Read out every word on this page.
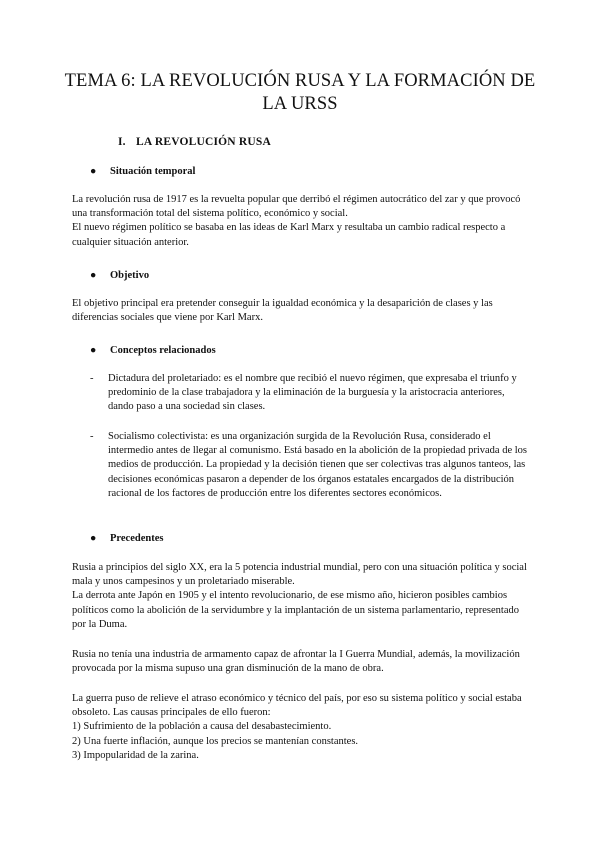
TEMA 6: LA REVOLUCIÓN RUSA Y LA FORMACIÓN DE LA URSS
I. LA REVOLUCIÓN RUSA
● Situación temporal

La revolución rusa de 1917 es la revuelta popular que derribó el régimen autocrático del zar y que provocó una transformación total del sistema político, económico y social.

El nuevo régimen político se basaba en las ideas de Karl Marx y resultaba un cambio radical respecto a cualquier situación anterior.

● Objetivo

El objetivo principal era pretender conseguir la igualdad económica y la desaparición de clases y las diferencias sociales que viene por Karl Marx.

● Conceptos relacionados
- Dictadura del proletariado: es el nombre que recibió el nuevo régimen, que expresaba el triunfo y predominio de la clase trabajadora y la eliminación de la burguesía y la aristocracia anteriores, dando paso a una sociedad sin clases.
- Socialismo colectivista: es una organización surgida de la Revolución Rusa, considerado el intermedio antes de llegar al comunismo. Está basado en la abolición de la propiedad privada de los medios de producción. La propiedad y la decisión tienen que ser colectivas tras algunos tanteos, las decisiones económicas pasaron a depender de los órganos estatales encargados de la distribución racional de los factores de producción entre los diferentes sectores económicos.
● Precedentes

Rusia a principios del siglo XX, era la 5 potencia industrial mundial, pero con una situación política y social mala y unos campesinos y un proletariado miserable.

La derrota ante Japón en 1905 y el intento revolucionario, de ese mismo año, hicieron posibles cambios políticos como la abolición de la servidumbre y la implantación de un sistema parlamentario, representado por la Duma.

Rusia no tenía una industria de armamento capaz de afrontar la I Guerra Mundial, además, la movilización provocada por la misma supuso una gran disminución de la mano de obra.

La guerra puso de relieve el atraso económico y técnico del país, por eso su sistema político y social estaba obsoleto. Las causas principales de ello fueron:

1) Sufrimiento de la población a causa del desabastecimiento.

2) Una fuerte inflación, aunque los precios se mantenían constantes.

3) Impopularidad de la zarina.
